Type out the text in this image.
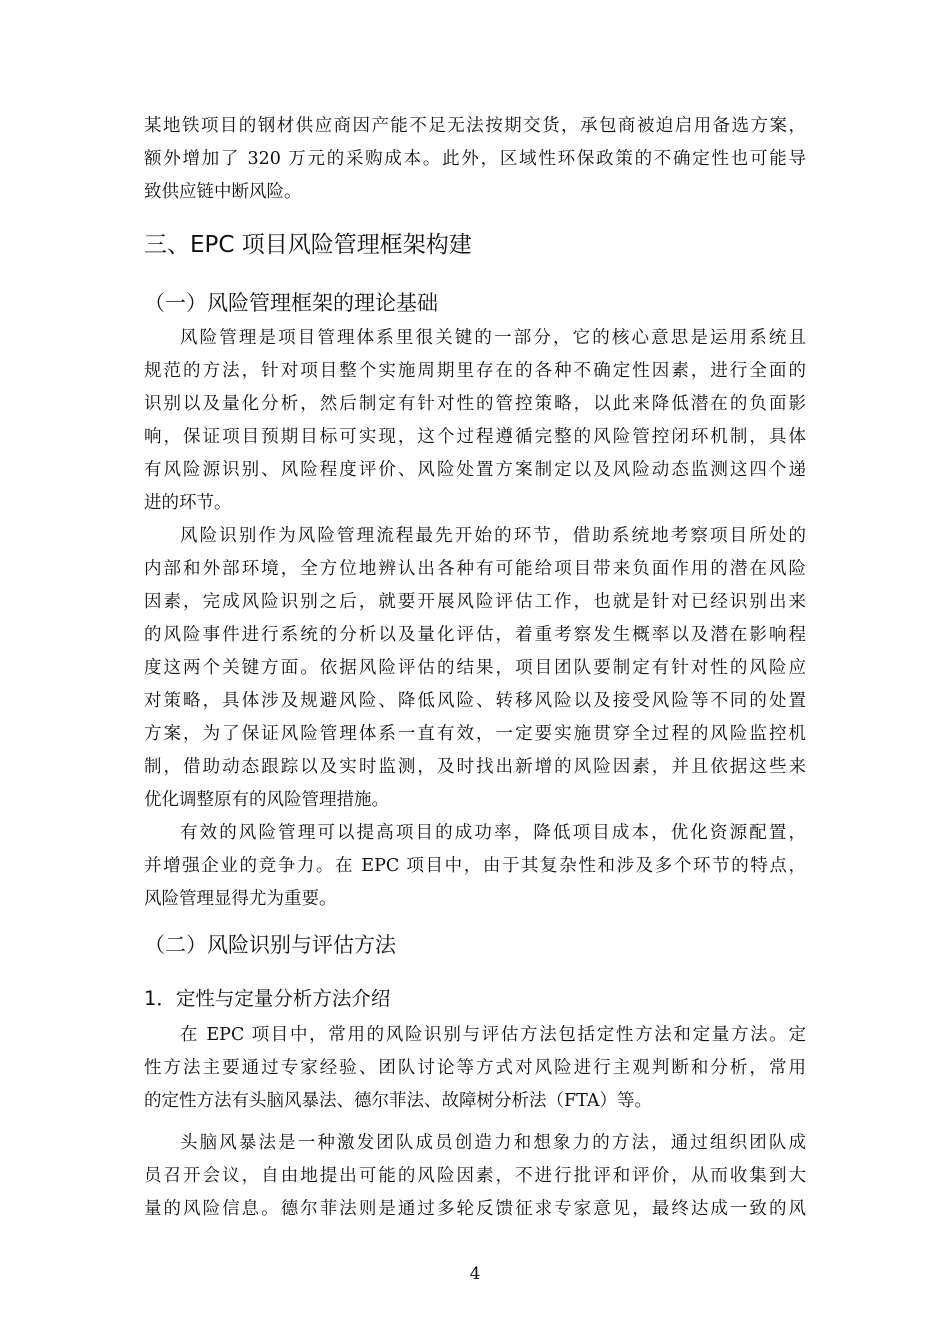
某地铁项目的钢材供应商因产能不足无法按期交货，承包商被迫启用备选方案，
额外增加了 320 万元的采购成本。此外，区域性环保政策的不确定性也可能导
致供应链中断风险。
三、EPC 项目风险管理框架构建
（一）风险管理框架的理论基础
风险管理是项目管理体系里很关键的一部分，它的核心意思是运用系统且
规范的方法，针对项目整个实施周期里存在的各种不确定性因素，进行全面的
识别以及量化分析，然后制定有针对性的管控策略，以此来降低潜在的负面影
响，保证项目预期目标可实现，这个过程遵循完整的风险管控闭环机制，具体
有风险源识别、风险程度评价、风险处置方案制定以及风险动态监测这四个递
进的环节。
风险识别作为风险管理流程最先开始的环节，借助系统地考察项目所处的
内部和外部环境，全方位地辨认出各种有可能给项目带来负面作用的潜在风险
因素，完成风险识别之后，就要开展风险评估工作，也就是针对已经识别出来
的风险事件进行系统的分析以及量化评估，着重考察发生概率以及潜在影响程
度这两个关键方面。依据风险评估的结果，项目团队要制定有针对性的风险应
对策略，具体涉及规避风险、降低风险、转移风险以及接受风险等不同的处置
方案，为了保证风险管理体系一直有效，一定要实施贯穿全过程的风险监控机
制，借助动态跟踪以及实时监测，及时找出新增的风险因素，并且依据这些来
优化调整原有的风险管理措施。
有效的风险管理可以提高项目的成功率，降低项目成本，优化资源配置，
并增强企业的竞争力。在 EPC 项目中，由于其复杂性和涉及多个环节的特点，
风险管理显得尤为重要。
（二）风险识别与评估方法
1．定性与定量分析方法介绍
在 EPC 项目中，常用的风险识别与评估方法包括定性方法和定量方法。定
性方法主要通过专家经验、团队讨论等方式对风险进行主观判断和分析，常用
的定性方法有头脑风暴法、德尔菲法、故障树分析法（FTA）等。
头脑风暴法是一种激发团队成员创造力和想象力的方法，通过组织团队成
员召开会议，自由地提出可能的风险因素，不进行批评和评价，从而收集到大
量的风险信息。德尔菲法则是通过多轮反馈征求专家意见，最终达成一致的风
4
